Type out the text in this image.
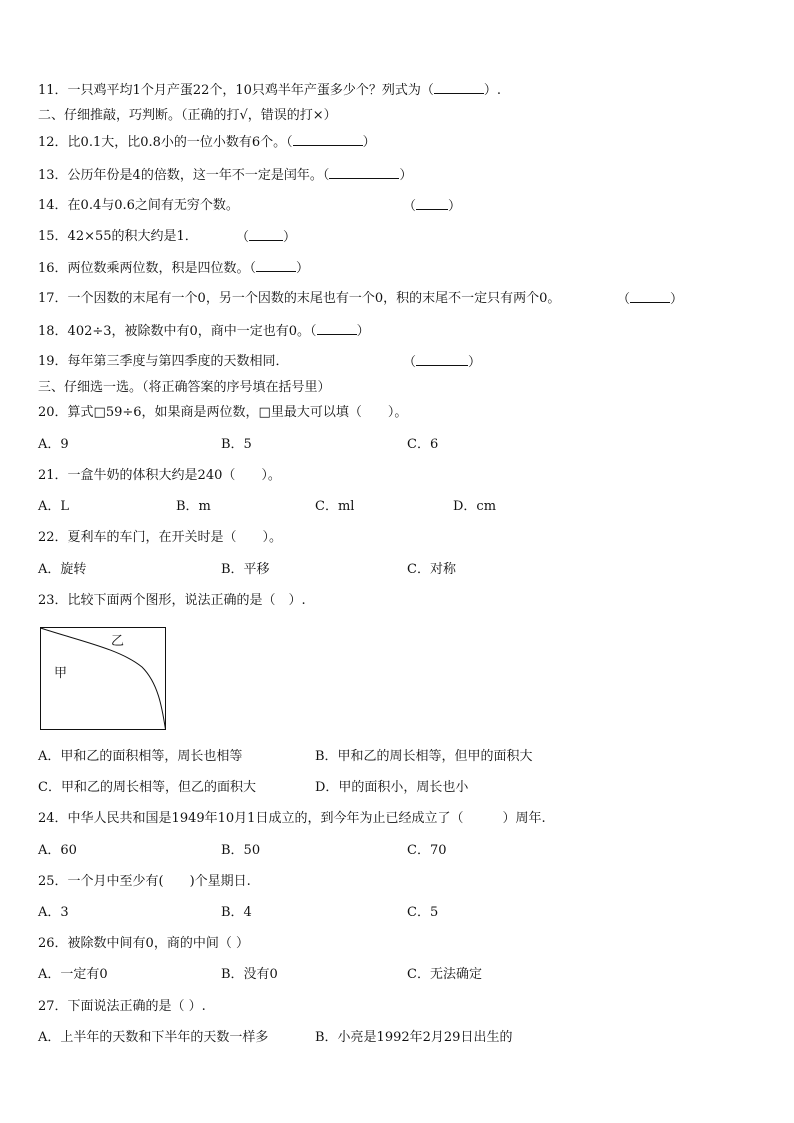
11．一只鸡平均1个月产蛋22个，10只鸡半年产蛋多少个？列式为（	）.
二、仔细推敲，巧判断。（正确的打√，错误的打×）
12．比0.1大，比0.8小的一位小数有6个。（	）
13．公历年份是4的倍数，这一年不一定是闰年。（	）
14．在0.4与0.6之间有无穷个数。	（ ）
15．42×55的积大约是1．	（	）
16．两位数乘两位数，积是四位数。（	）
17．一个因数的末尾有一个0，另一个因数的末尾也有一个0，积的末尾不一定只有两个0。	（	）
18．402÷3，被除数中有0，商中一定也有0。（	）
19．每年第三季度与第四季度的天数相同．	（	）
三、仔细选一选。（将正确答案的序号填在括号里）
20．算式□59÷6，如果商是两位数，□里最大可以填（　　）。
A．9	B．5	C．6
21．一盒牛奶的体积大约是240（　　）。
A．L	B．m	C．ml	D．cm
22．夏利车的车门，在开关时是（　　）。
A．旋转	B．平移	C．对称
23．比较下面两个图形，说法正确的是（　）.
甲
乙
A．甲和乙的面积相等，周长也相等	B．甲和乙的周长相等，但甲的面积大
C．甲和乙的周长相等，但乙的面积大	D．甲的面积小，周长也小
24．中华人民共和国是1949年10月1日成立的，到今年为止已经成立了（　　　）周年.
A．60	B．50	C．70
25．一个月中至少有(　　)个星期日.
A．3	B．4	C．5
26．被除数中间有0，商的中间（ ）
A．一定有0	B．没有0	C．无法确定
27．下面说法正确的是（ ）.
A．上半年的天数和下半年的天数一样多	B．小亮是1992年2月29日出生的
